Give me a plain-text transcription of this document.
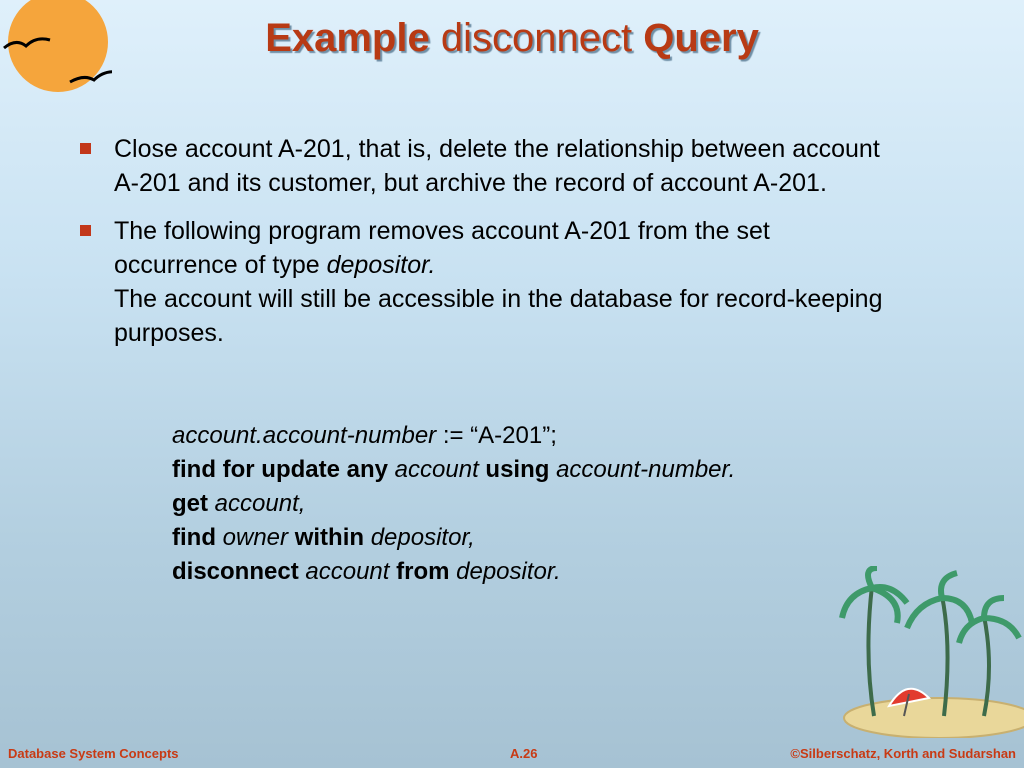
Example disconnect Query
Close account A-201, that is, delete the relationship between account A-201 and its customer, but archive the record of account A-201.
The following program removes account A-201 from the set occurrence of type depositor.
The account will still be accessible in the database for record-keeping purposes.
account.account-number := “A-201”;
find for update any account using account-number.
get account,
find owner within depositor,
disconnect account from depositor.
Database System Concepts	A.26	©Silberschatz, Korth and Sudarshan
